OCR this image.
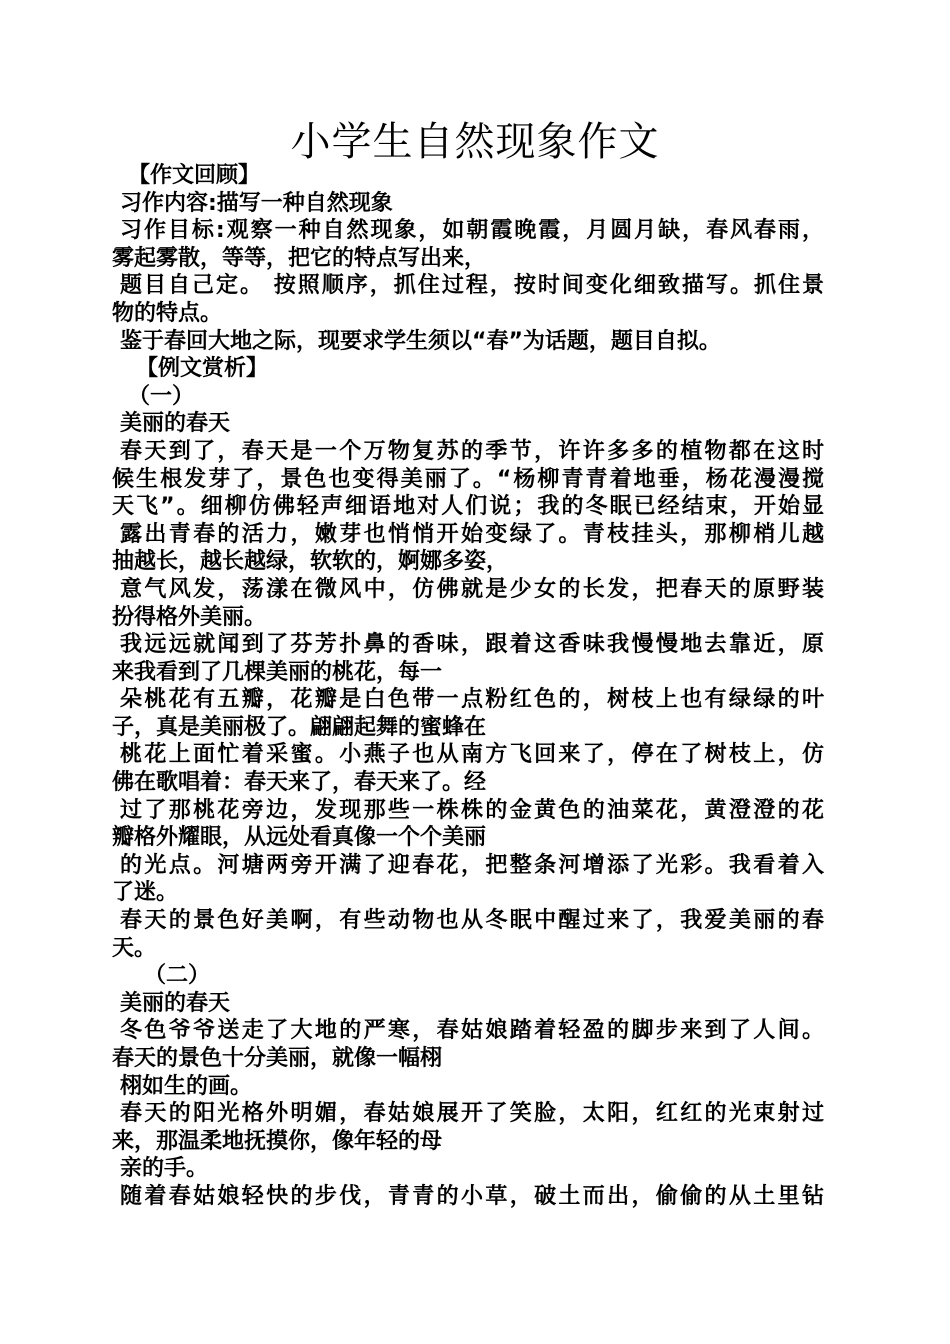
小学生自然现象作文
【作文回顾】
习作内容:描写一种自然现象
习作目标:观察一种自然现象，如朝霞晚霞，月圆月缺，春风春雨，
雾起雾散，等等，把它的特点写出来，
题目自己定。 按照顺序，抓住过程，按时间变化细致描写。抓住景
物的特点。
鉴于春回大地之际，现要求学生须以“春”为话题，题目自拟。
【例文赏析】
（一）
美丽的春天
春天到了，春天是一个万物复苏的季节，许许多多的植物都在这时
候生根发芽了，景色也变得美丽了。“杨柳青青着地垂，杨花漫漫搅
天飞”。细柳仿佛轻声细语地对人们说；我的冬眠已经结束，开始显
露出青春的活力，嫩芽也悄悄开始变绿了。青枝挂头，那柳梢儿越
抽越长，越长越绿，软软的，婀娜多姿，
意气风发，荡漾在微风中，仿佛就是少女的长发，把春天的原野装
扮得格外美丽。
我远远就闻到了芬芳扑鼻的香味，跟着这香味我慢慢地去靠近，原
来我看到了几棵美丽的桃花，每一
朵桃花有五瓣，花瓣是白色带一点粉红色的，树枝上也有绿绿的叶
子，真是美丽极了。翩翩起舞的蜜蜂在
桃花上面忙着采蜜。小燕子也从南方飞回来了，停在了树枝上，仿
佛在歌唱着：春天来了，春天来了。经
过了那桃花旁边，发现那些一株株的金黄色的油菜花，黄澄澄的花
瓣格外耀眼，从远处看真像一个个美丽
的光点。河塘两旁开满了迎春花，把整条河增添了光彩。我看着入
了迷。
春天的景色好美啊，有些动物也从冬眠中醒过来了，我爱美丽的春
天。
（二）
美丽的春天
冬色爷爷送走了大地的严寒，春姑娘踏着轻盈的脚步来到了人间。
春天的景色十分美丽，就像一幅栩
栩如生的画。
春天的阳光格外明媚，春姑娘展开了笑脸，太阳，红红的光束射过
来，那温柔地抚摸你，像年轻的母
亲的手。
随着春姑娘轻快的步伐，青青的小草，破土而出，偷偷的从土里钻
